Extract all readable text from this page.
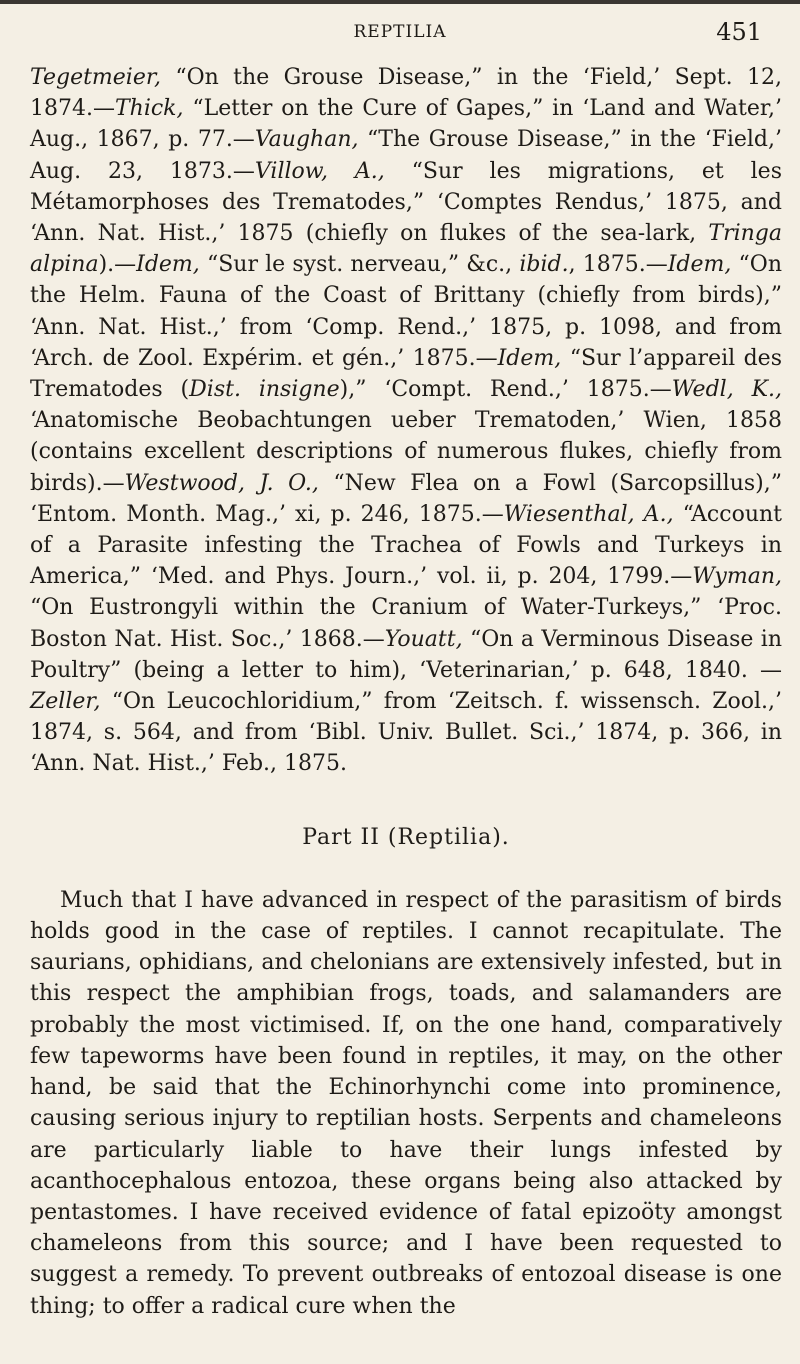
REPTILIA	451

Tegetmeier, “On the Grouse Disease,” in the ‘Field,’ Sept. 12, 1874.—Thick, “Letter on the Cure of Gapes,” in ‘Land and Water,’ Aug., 1867, p. 77.—Vaughan, “The Grouse Disease,” in the ‘Field,’ Aug. 23, 1873.—Villow, A., “Sur les migrations, et les Métamorphoses des Trematodes,” ‘Comptes Rendus,’ 1875, and ‘Ann. Nat. Hist.,’ 1875 (chiefly on flukes of the sea-lark, Tringa alpina).—Idem, “Sur le syst. nerveau,” &c., ibid., 1875.—Idem, “On the Helm. Fauna of the Coast of Brittany (chiefly from birds),” ‘Ann. Nat. Hist.,’ from ‘Comp. Rend.,’ 1875, p. 1098, and from ‘Arch. de Zool. Expérim. et gén.,’ 1875.—Idem, “Sur l’appareil des Trematodes (Dist. insigne),” ‘Compt. Rend.,’ 1875.—Wedl, K., ‘Anatomische Beobachtungen ueber Trematoden,’ Wien, 1858 (contains excellent descriptions of numerous flukes, chiefly from birds).—Westwood, J. O., “New Flea on a Fowl (Sarcopsillus),” ‘Entom. Month. Mag.,’ xi, p. 246, 1875.—Wiesenthal, A., “Account of a Parasite infesting the Trachea of Fowls and Turkeys in America,” ‘Med. and Phys. Journ.,’ vol. ii, p. 204, 1799.—Wyman, “On Eustrongyli within the Cranium of Water-Turkeys,” ‘Proc. Boston Nat. Hist. Soc.,’ 1868.—Youatt, “On a Verminous Disease in Poultry” (being a letter to him), ‘Veterinarian,’ p. 648, 1840. —Zeller, “On Leucochloridium,” from ‘Zeitsch. f. wissensch. Zool.,’ 1874, s. 564, and from ‘Bibl. Univ. Bullet. Sci.,’ 1874, p. 366, in ‘Ann. Nat. Hist.,’ Feb., 1875.

Part II (Reptilia).

Much that I have advanced in respect of the parasitism of birds holds good in the case of reptiles. I cannot recapitulate. The saurians, ophidians, and chelonians are extensively infested, but in this respect the amphibian frogs, toads, and salamanders are probably the most victimised. If, on the one hand, comparatively few tapeworms have been found in reptiles, it may, on the other hand, be said that the Echinorhynchi come into prominence, causing serious injury to reptilian hosts. Serpents and chameleons are particularly liable to have their lungs infested by acanthocephalous entozoa, these organs being also attacked by pentastomes. I have received evidence of fatal epizoöty amongst chameleons from this source; and I have been requested to suggest a remedy. To prevent outbreaks of entozoal disease is one thing; to offer a radical cure when the
